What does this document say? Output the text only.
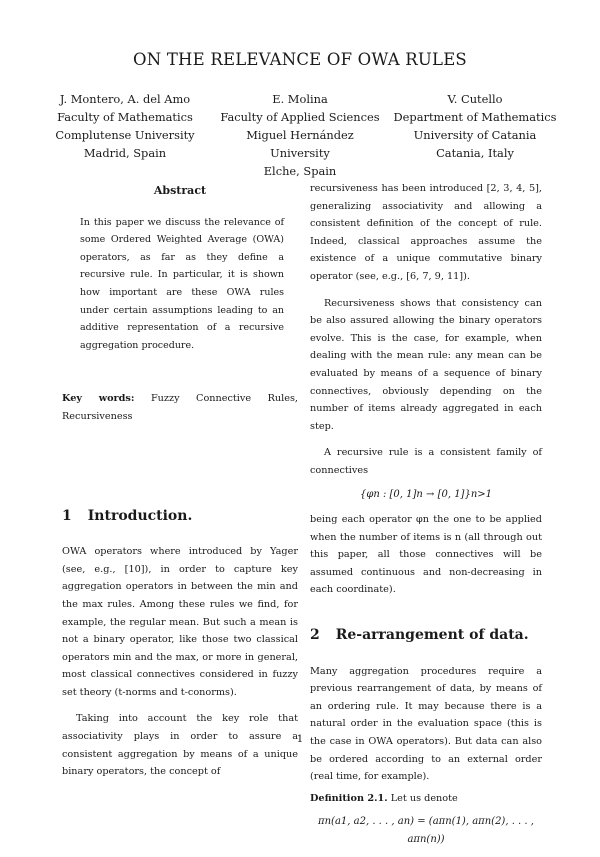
ON THE RELEVANCE OF OWA RULES
J. Montero, A. del Amo
Faculty of Mathematics
Complutense University
Madrid, Spain
E. Molina
Faculty of Applied Sciences
Miguel Hernández University
Elche, Spain
V. Cutello
Department of Mathematics
University of Catania
Catania, Italy
Abstract

In this paper we discuss the relevance of some Ordered Weighted Average (OWA) operators, as far as they define a recursive rule. In particular, it is shown how important are these OWA rules under certain assumptions leading to an additive representation of a recursive aggregation procedure.

Key words: Fuzzy Connective Rules, Recursiveness

1 Introduction.

OWA operators where introduced by Yager (see, e.g., [10]), in order to capture key aggregation operators in between the min and the max rules. Among these rules we find, for example, the regular mean. But such a mean is not a binary operator, like those two classical operators min and the max, or more in general, most classical connectives considered in fuzzy set theory (t-norms and t-conorms).

Taking into account the key role that associativity plays in order to assure a consistent aggregation by means of a unique binary operators, the concept of

recursiveness has been introduced [2, 3, 4, 5], generalizing associativity and allowing a consistent definition of the concept of rule. Indeed, classical approaches assume the existence of a unique commutative binary operator (see, e.g., [6, 7, 9, 11]).

Recursiveness shows that consistency can be also assured allowing the binary operators evolve. This is the case, for example, when dealing with the mean rule: any mean can be evaluated by means of a sequence of binary connectives, obviously depending on the number of items already aggregated in each step.

A recursive rule is a consistent family of connectives

{φn : [0, 1]n → [0, 1]}n>1

being each operator φn the one to be applied when the number of items is n (all through out this paper, all those connectives will be assumed continuous and non-decreasing in each coordinate).

2 Re-arrangement of data.

Many aggregation procedures require a previous rearrangement of data, by means of an ordering rule. It may because there is a natural order in the evaluation space (this is the case in OWA operators). But data can also be ordered according to an external order (real time, for example).

Definition 2.1. Let us denote

πn(a1, a2, . . . , an) = (aπn(1), aπn(2), . . . , aπn(n))
1
